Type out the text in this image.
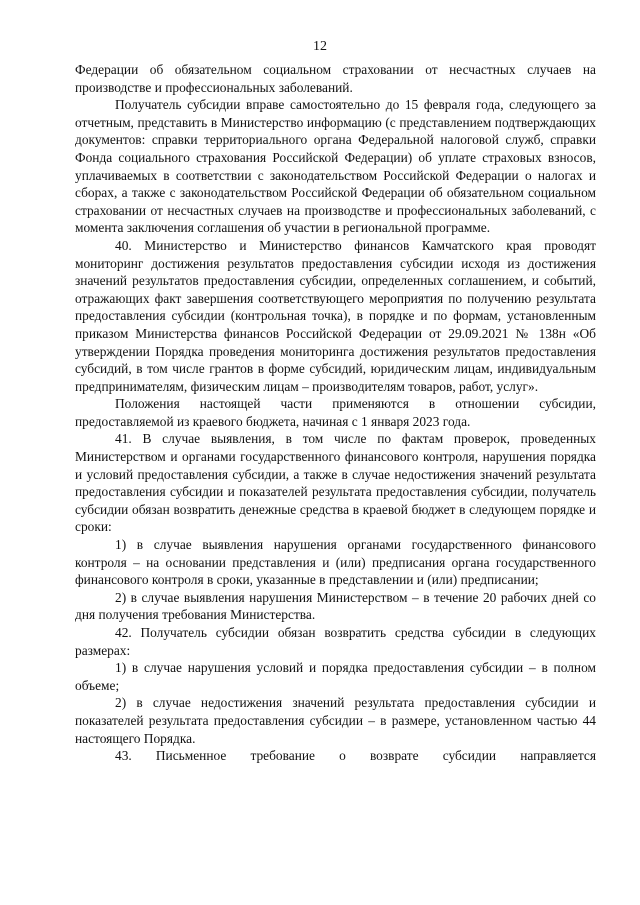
12

Федерации об обязательном социальном страховании от несчастных случаев на производстве и профессиональных заболеваний.

Получатель субсидии вправе самостоятельно до 15 февраля года, следующего за отчетным, представить в Министерство информацию (с представлением подтверждающих документов: справки территориального органа Федеральной налоговой служб, справки Фонда социального страхования Российской Федерации) об уплате страховых взносов, уплачиваемых в соответствии с законодательством Российской Федерации о налогах и сборах, а также с законодательством Российской Федерации об обязательном социальном страховании от несчастных случаев на производстве и профессиональных заболеваний, с момента заключения соглашения об участии в региональной программе.

40. Министерство и Министерство финансов Камчатского края проводят мониторинг достижения результатов предоставления субсидии исходя из достижения значений результатов предоставления субсидии, определенных соглашением, и событий, отражающих факт завершения соответствующего мероприятия по получению результата предоставления субсидии (контрольная точка), в порядке и по формам, установленным приказом Министерства финансов Российской Федерации от 29.09.2021 № 138н «Об утверждении Порядка проведения мониторинга достижения результатов предоставления субсидий, в том числе грантов в форме субсидий, юридическим лицам, индивидуальным предпринимателям, физическим лицам – производителям товаров, работ, услуг».

Положения настоящей части применяются в отношении субсидии, предоставляемой из краевого бюджета, начиная с 1 января 2023 года.

41. В случае выявления, в том числе по фактам проверок, проведенных Министерством и органами государственного финансового контроля, нарушения порядка и условий предоставления субсидии, а также в случае недостижения значений результата предоставления субсидии и показателей результата предоставления субсидии, получатель субсидии обязан возвратить денежные средства в краевой бюджет в следующем порядке и сроки:

1) в случае выявления нарушения органами государственного финансового контроля – на основании представления и (или) предписания органа государственного финансового контроля в сроки, указанные в представлении и (или) предписании;

2) в случае выявления нарушения Министерством – в течение 20 рабочих дней со дня получения требования Министерства.

42. Получатель субсидии обязан возвратить средства субсидии в следующих размерах:

1) в случае нарушения условий и порядка предоставления субсидии – в полном объеме;

2) в случае недостижения значений результата предоставления субсидии и показателей результата предоставления субсидии – в размере, установленном частью 44 настоящего Порядка.

43. Письменное требование о возврате субсидии направляется
